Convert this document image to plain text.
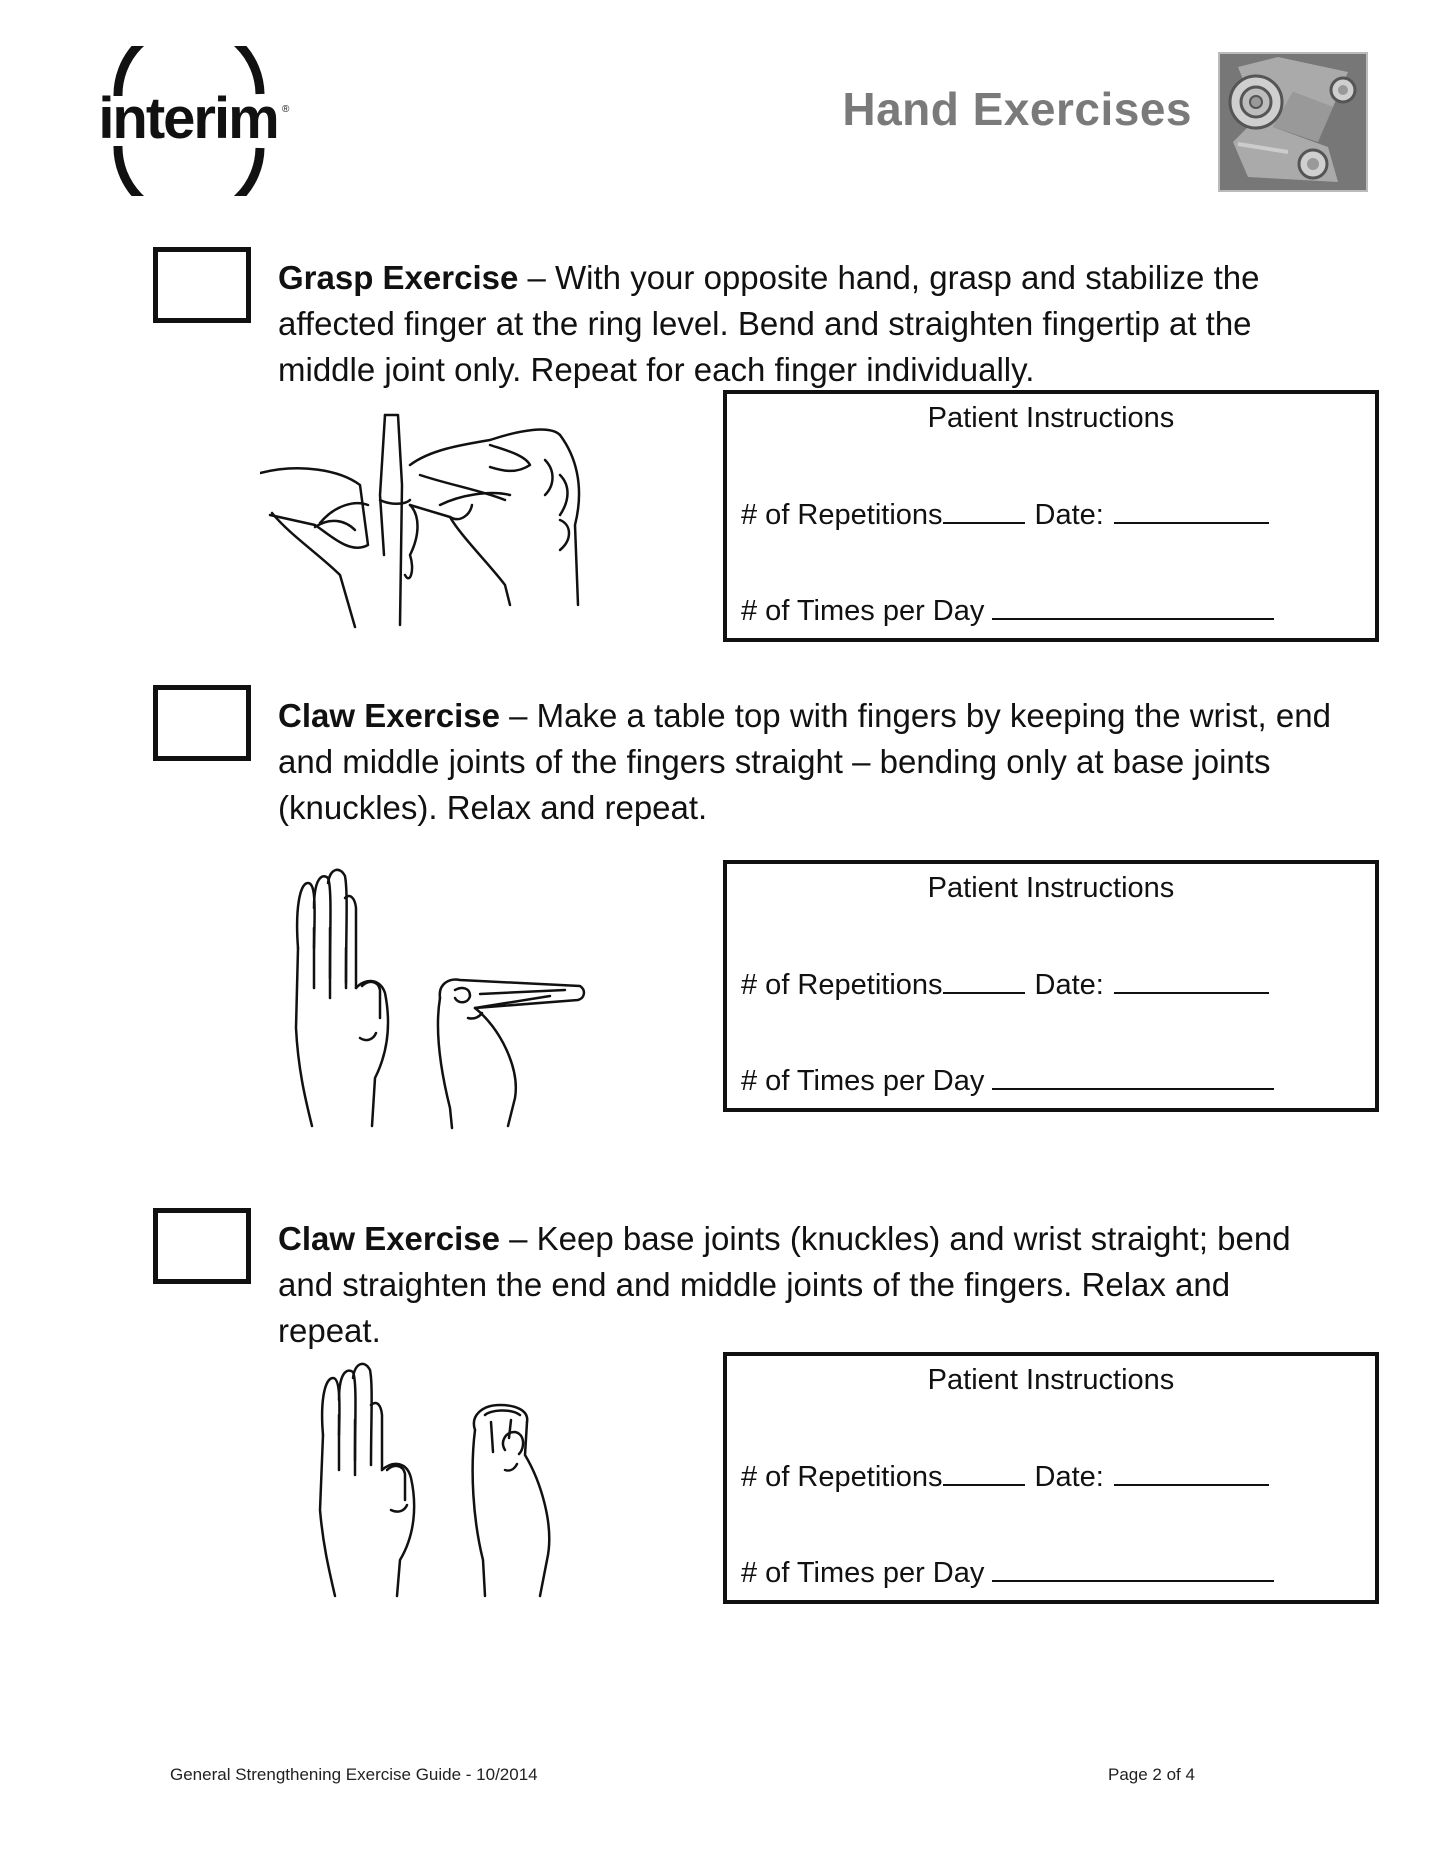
interim ®	Hand Exercises
Grasp Exercise – With your opposite hand, grasp and stabilize the affected finger at the ring level. Bend and straighten fingertip at the middle joint only. Repeat for each finger individually.
Patient Instructions
# of Repetitions	Date:
# of Times per Day
Claw Exercise – Make a table top with fingers by keeping the wrist, end and middle joints of the fingers straight – bending only at base joints (knuckles). Relax and repeat.
Patient Instructions
# of Repetitions	Date:
# of Times per Day
Claw Exercise – Keep base joints (knuckles) and wrist straight; bend and straighten the end and middle joints of the fingers. Relax and repeat.
Patient Instructions
# of Repetitions	Date:
# of Times per Day
General Strengthening Exercise Guide - 10/2014	Page 2 of 4
